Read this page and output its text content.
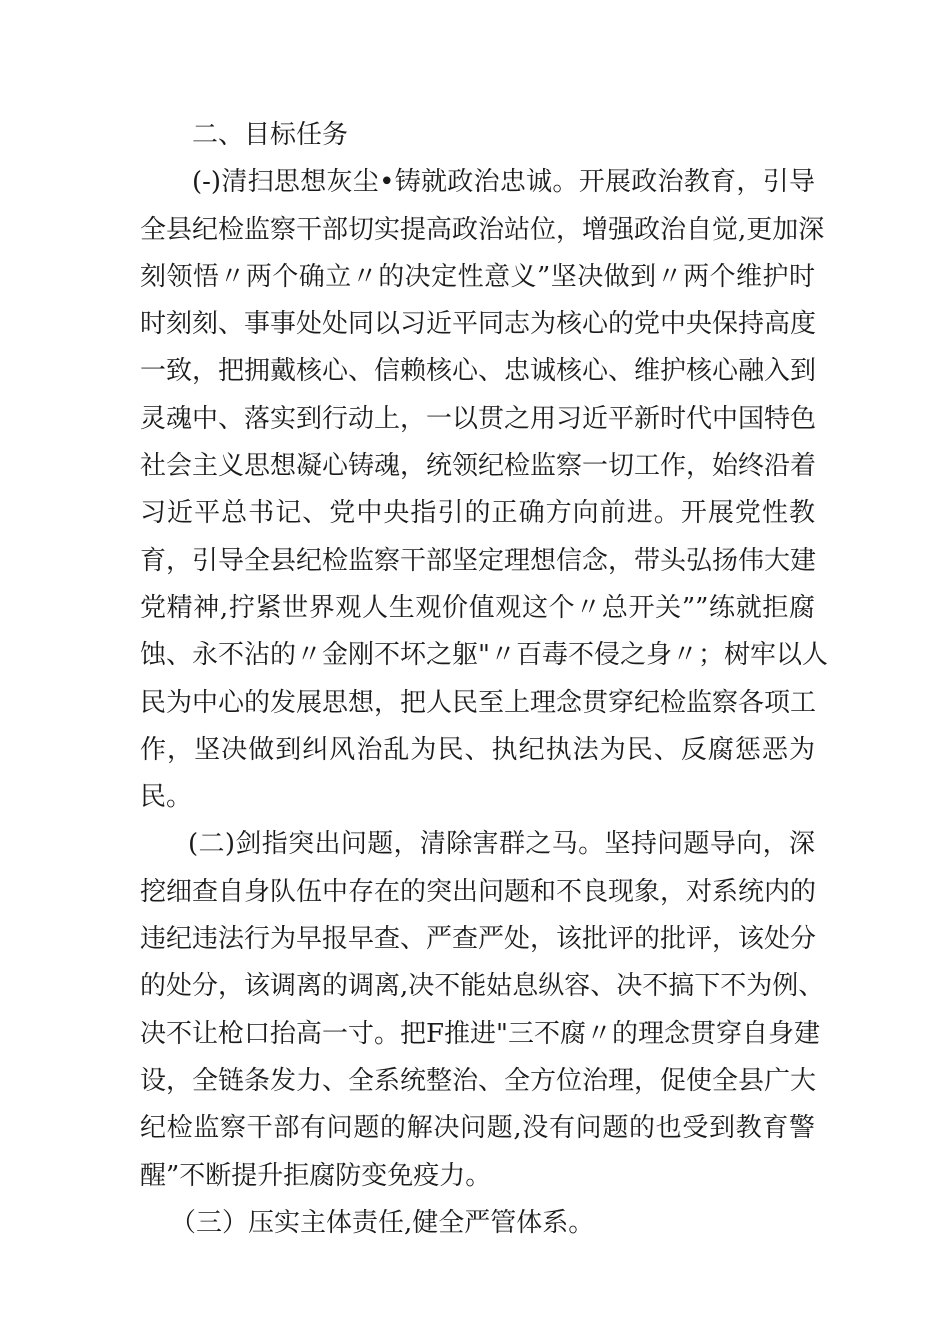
二、目标任务
(-)清扫思想灰尘•铸就政治忠诚。开展政治教育，引导
全县纪检监察干部切实提高政治站位，增强政治自觉,更加深
刻领悟〃两个确立〃的决定性意义”坚决做到〃两个维护时
时刻刻、事事处处同以习近平同志为核心的党中央保持高度
一致，把拥戴核心、信赖核心、忠诚核心、维护核心融入到
灵魂中、落实到行动上，一以贯之用习近平新时代中国特色
社会主义思想凝心铸魂，统领纪检监察一切工作，始终沿着
习近平总书记、党中央指引的正确方向前进。开展党性教
育，引导全县纪检监察干部坚定理想信念，带头弘扬伟大建
党精神,拧紧世界观人生观价值观这个〃总开关””练就拒腐
蚀、永不沾的〃金刚不坏之躯"〃百毒不侵之身〃；树牢以人
民为中心的发展思想，把人民至上理念贯穿纪检监察各项工
作，坚决做到纠风治乱为民、执纪执法为民、反腐惩恶为
民。
(二)剑指突出问题，清除害群之马。坚持问题导向，深
挖细查自身队伍中存在的突出问题和不良现象，对系统内的
违纪违法行为早报早查、严查严处，该批评的批评，该处分
的处分，该调离的调离,决不能姑息纵容、决不搞下不为例、
决不让枪口抬高一寸。把F推进"三不腐〃的理念贯穿自身建
设，全链条发力、全系统整治、全方位治理，促使全县广大
纪检监察干部有问题的解决问题,没有问题的也受到教育警
醒”不断提升拒腐防变免疫力。
（三）压实主体责任,健全严管体系。
